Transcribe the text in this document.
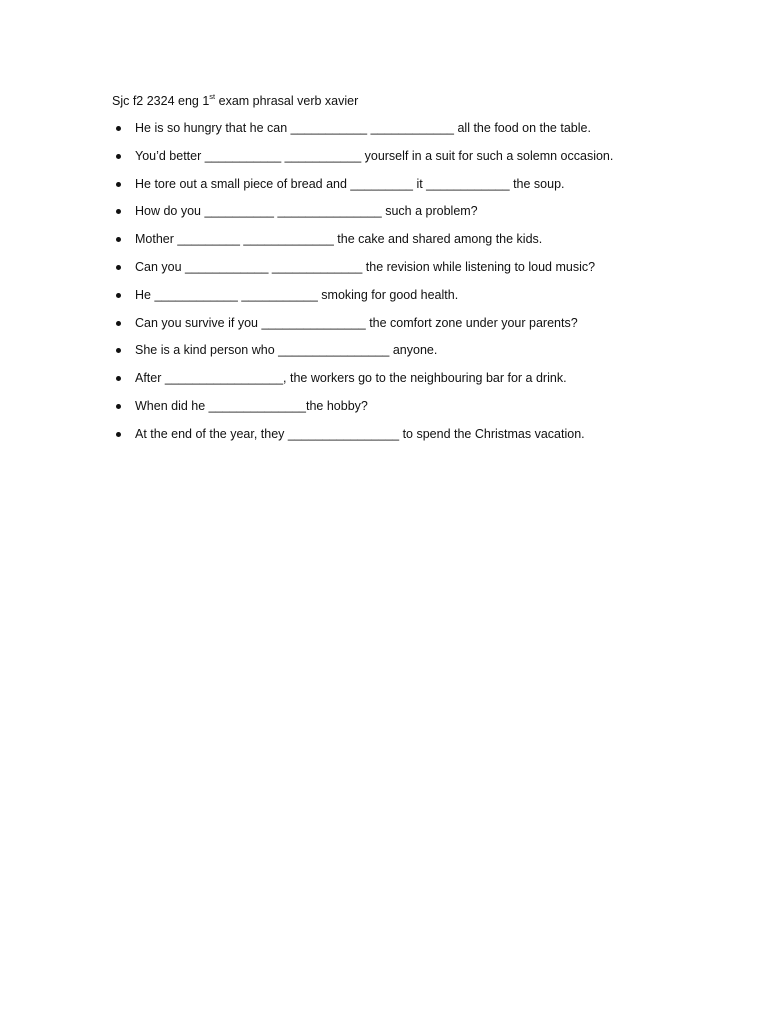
Sjc f2 2324 eng 1st exam phrasal verb xavier
He is so hungry that he can ___________ ____________ all the food on the table.
You’d better ___________ ___________ yourself in a suit for such a solemn occasion.
He tore out a small piece of bread and _________ it ____________ the soup.
How do you __________ _______________ such a problem?
Mother _________ _____________ the cake and shared among the kids.
Can you ____________ _____________ the revision while listening to loud music?
He ____________ ___________ smoking for good health.
Can you survive if you _______________ the comfort zone under your parents?
She is a kind person who ________________ anyone.
After _________________, the workers go to the neighbouring bar for a drink.
When did he ______________the hobby?
At the end of the year, they ________________ to spend the Christmas vacation.
